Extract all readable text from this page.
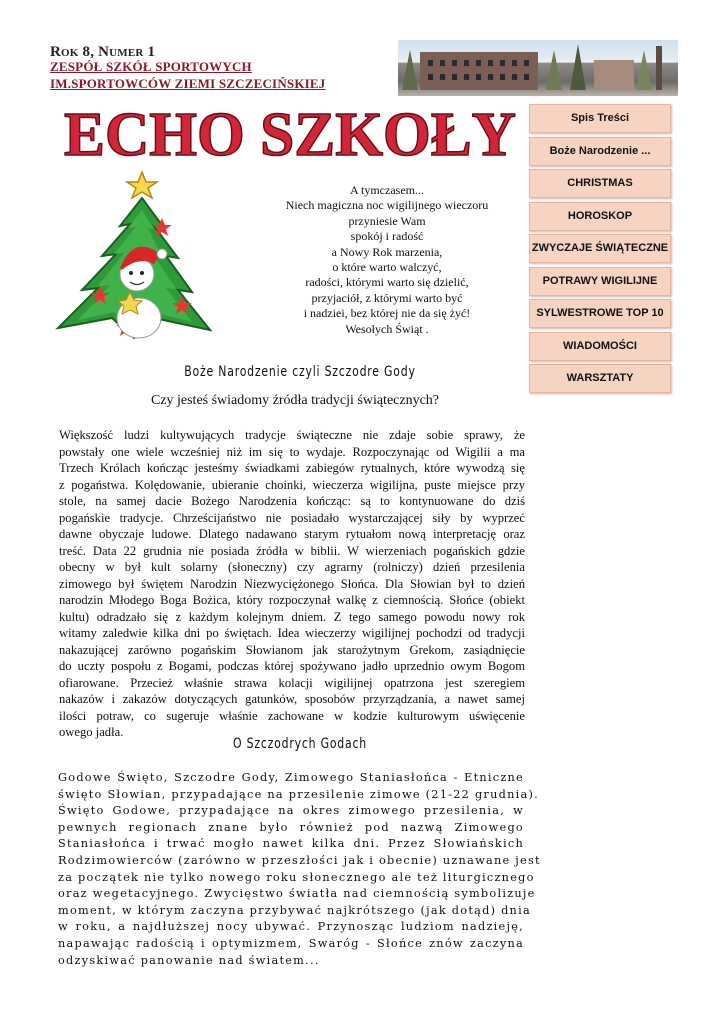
Rok 8, Numer 1
ZESPÓŁ SZKÓŁ SPORTOWYCH
IM.SPORTOWCÓW ZIEMI SZCZECIŃSKIEJ
ECHO SZKOŁY	Spis Treści
Boże Narodzenie ...
CHRISTMAS
HOROSKOP
ZWYCZAJE ŚWIĄTECZNE
POTRAWY WIGILIJNE
SYLWESTROWE TOP 10
WIADOMOŚCI
WARSZTATY
A tymczasem...
Niech magiczna noc wigilijnego wieczoru
przyniesie Wam
spokój i radość
a Nowy Rok marzenia,
o które warto walczyć,
radości, którymi warto się dzielić,
przyjaciół, z którymi warto być
i nadziei, bez której nie da się żyć!
Wesołych Świąt .
Boże Narodzenie czyli Szczodre Gody
Czy jesteś świadomy źródła tradycji świątecznych?
Większość ludzi kultywujących tradycje świąteczne nie zdaje sobie sprawy, że
powstały one wiele wcześniej niż im się to wydaje. Rozpoczynając od Wigilii a ma
Trzech Królach kończąc jesteśmy świadkami zabiegów rytualnych, które wywodzą się
z pogaństwa. Kolędowanie, ubieranie choinki, wieczerza wigilijna, puste miejsce przy
stole, na samej dacie Bożego Narodzenia kończąc: są to kontynuowane do dziś
pogańskie tradycje. Chrześcijaństwo nie posiadało wystarczającej siły by wyprzeć
dawne obyczaje ludowe. Dlatego nadawano starym rytuałom nową interpretację oraz
treść. Data 22 grudnia nie posiada źródła w biblii. W wierzeniach pogańskich gdzie
obecny w był kult solarny (słoneczny) czy agrarny (rolniczy) dzień przesilenia
zimowego był świętem Narodzin Niezwyciężonego Słońca. Dla Słowian był to dzień
narodzin Młodego Boga Bożica, który rozpoczynał walkę z ciemnością. Słońce (obiekt
kultu) odradzało się z każdym kolejnym dniem. Z tego samego powodu nowy rok
witamy zaledwie kilka dni po świętach. Idea wieczerzy wigilijnej pochodzi od tradycji
nakazującej zarówno pogańskim Słowianom jak starożytnym Grekom, zasiądnięcie
do uczty pospołu z Bogami, podczas której spożywano jadło uprzednio owym Bogom
ofiarowane. Przecież właśnie strawa kolacji wigilijnej opatrzona jest szeregiem
nakazów i zakazów dotyczących gatunków, sposobów przyrządzania, a nawet samej
ilości potraw, co sugeruje właśnie zachowane w kodzie kulturowym uświęcenie
owego jadła.
O Szczodrych Godach
Godowe Święto, Szczodre Gody, Zimowego Staniasłońca - Etniczne
święto Słowian, przypadające na przesilenie zimowe (21-22 grudnia).
Święto Godowe, przypadające na okres zimowego przesilenia, w
pewnych regionach znane było również pod nazwą Zimowego
Staniasłońca i trwać mogło nawet kilka dni. Przez Słowiańskich
Rodzimowierców (zarówno w przeszłości jak i obecnie) uznawane jest
za początek nie tylko nowego roku słonecznego ale też liturgicznego
oraz wegetacyjnego. Zwycięstwo światła nad ciemnością symbolizuje
moment, w którym zaczyna przybywać najkrótszego (jak dotąd) dnia
w roku, a najdłuższej nocy ubywać. Przynosząc ludziom nadzieję,
napawając radością i optymizmem, Swaróg - Słońce znów zaczyna
odzyskiwać panowanie nad światem...
